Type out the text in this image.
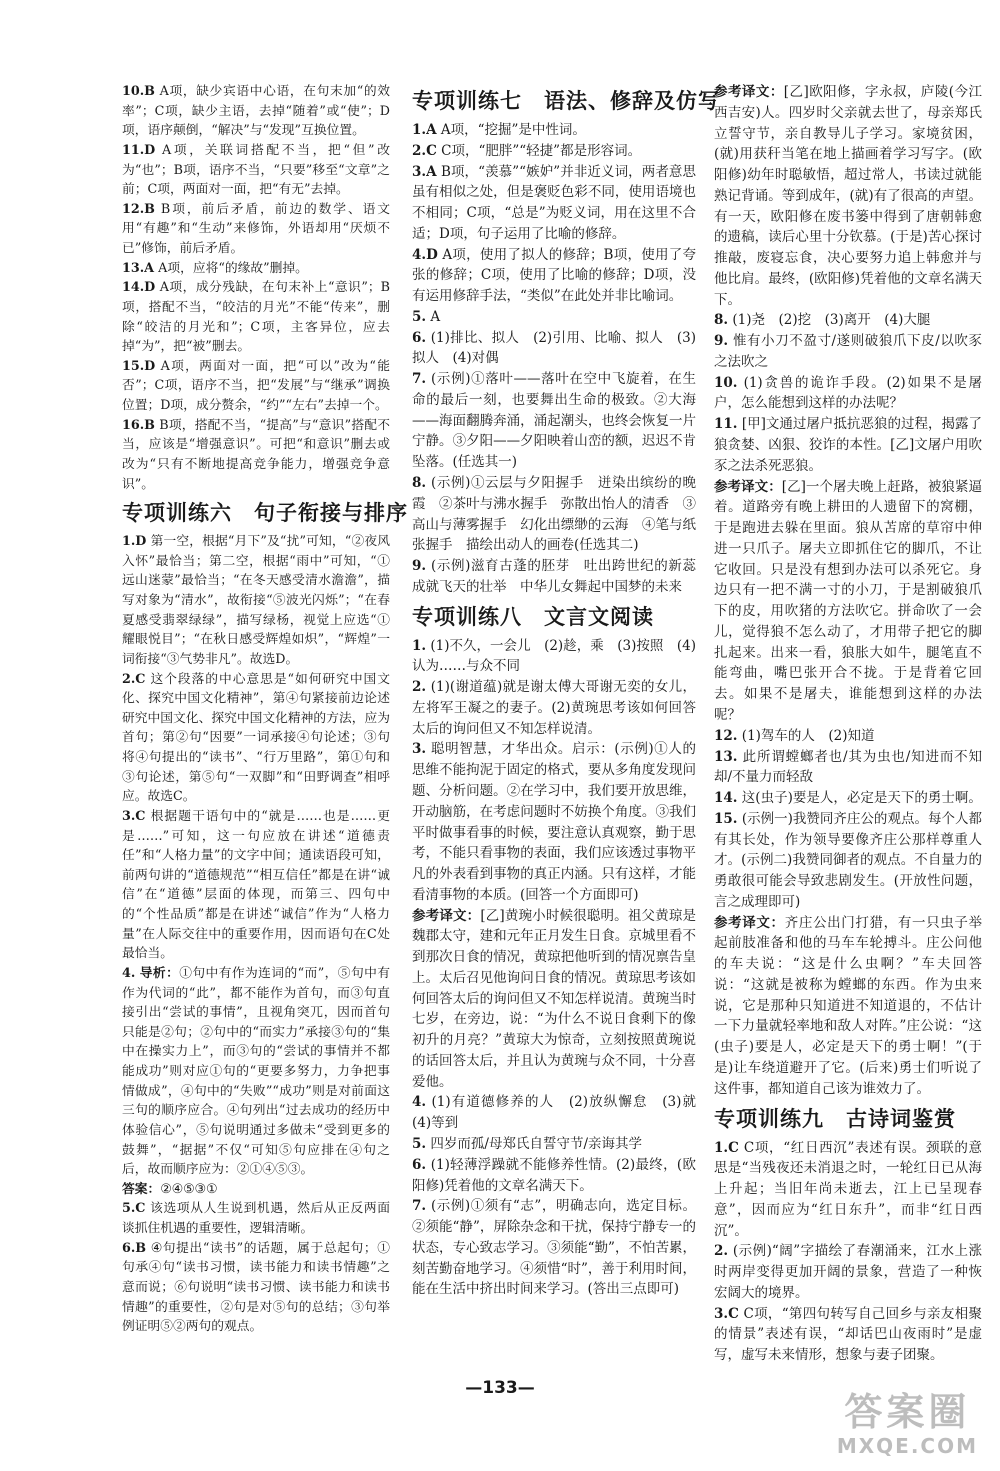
10.B A项，缺少宾语中心语，在句末加“的效率”；C项，缺少主语，去掉“随着”或“使”；D项，语序颠倒，“解决”与“发现”互换位置。

11.D A项，关联词搭配不当，把“但”改为“也”；B项，语序不当，“只要”移至“文章”之前；C项，两面对一面，把“有无”去掉。

12.B B项，前后矛盾，前边的数学、语文用“有趣”和“生动”来修饰，外语却用“厌烦不已”修饰，前后矛盾。

13.A A项，应将“的缘故”删掉。

14.D A项，成分残缺，在句末补上“意识”；B项，搭配不当，“皎洁的月光”不能“传来”，删除“皎洁的月光和”；C项，主客异位，应去掉“为”，把“被”删去。

15.D A项，两面对一面，把“可以”改为“能否”；C项，语序不当，把“发展”与“继承”调换位置；D项，成分赘余，“约”“左右”去掉一个。

16.B B项，搭配不当，“提高”与“意识”搭配不当，应该是“增强意识”。可把“和意识”删去或改为“只有不断地提高竞争能力，增强竞争意识”。

专项训练六　句子衔接与排序

1.D 第一空，根据“月下”及“扰”可知，“②夜风入怀”最恰当；第二空，根据“雨中”可知，“①远山迷蒙”最恰当；“在冬天感受清水澹澹”，描写对象为“清水”，故衔接“⑤波光闪烁”；“在春夏感受翡翠绿绿”，描写绿杨，视觉上应选“①耀眼悦目”；“在秋日感受辉煌如炽”，“辉煌”一词衔接“③气势非凡”。故选D。

2.C 这个段落的中心意思是“如何研究中国文化、探究中国文化精神”，第④句紧接前边论述研究中国文化、探究中国文化精神的方法，应为首句；第②句“因要”一词承接④句论述；③句将④句提出的“读书”、“行万里路”，第①句和③句论述，第⑤句“一双脚”和“田野调查”相呼应。故选C。

3.C 根据题干语句中的“就是……也是……更是……”可知，这一句应放在讲述“道德责任”和“人格力量”的文字中间；通读语段可知，前两句讲的“道德规范”“相互信任”都是在讲“诚信”在“道德”层面的体现，而第三、四句中的“个性品质”都是在讲述“诚信”作为“人格力量”在人际交往中的重要作用，因而语句在C处最恰当。

4. 导析：①句中有作为连词的“而”，⑤句中有作为代词的“此”，都不能作为首句，而③句直接引出“尝试的事情”，且视角突兀，因而首句只能是②句；②句中的“而实力”承接③句的“集中在操实力上”，而③句的“尝试的事情并不都能成功”则对应①句的“更要多努力，力争把事情做成”，④句中的“失败”“成功”则是对前面这三句的顺序应合。④句列出“过去成功的经历中体验信心”，⑤句说明通过多做未“受到更多的鼓舞”，“据据”不仅“可知⑤句应排在④句之后，故而顺序应为：②①④⑤③。

答案：②④⑤③①

5.C 该选项从人生说到机遇，然后从正反两面谈抓住机遇的重要性，逻辑清晰。

6.B ④句提出“读书”的话题，属于总起句；①句承④句“读书习惯，读书能力和读书情趣”之意而说；⑥句说明“读书习惯、读书能力和读书情趣”的重要性，②句是对⑤句的总结；③句举例证明⑤②两句的观点。

专项训练七　语法、修辞及仿写

1.A A项，“挖掘”是中性词。

2.C C项，“肥胖”“轻捷”都是形容词。

3.A B项，“羡慕”“嫉妒”并非近义词，两者意思虽有相似之处，但是褒贬色彩不同，使用语境也不相同；C项，“总是”为贬义词，用在这里不合适；D项，句子运用了比喻的修辞。

4.D A项，使用了拟人的修辞；B项，使用了夸张的修辞；C项，使用了比喻的修辞；D项，没有运用修辞手法，“类似”在此处并非比喻词。

5. A

6. (1)排比、拟人　(2)引用、比喻、拟人　(3)拟人　(4)对偶

7. (示例)①落叶——落叶在空中飞旋着，在生命的最后一刻，也要舞出生命的极致。②大海——海面翻腾奔涌，涌起潮头，也终会恢复一片宁静。③夕阳——夕阳映着山峦的额，迟迟不肯坠落。(任选其一)

8. (示例)①云层与夕阳握手　迸染出缤纷的晚霞　②茶叶与沸水握手　弥散出怡人的清香　③高山与薄雾握手　幻化出缥缈的云海　④笔与纸张握手　描绘出动人的画卷(任选其二)

9. (示例)滋育古蓬的胚芽　吐出跨世纪的新蕊　成就飞天的壮举　中华儿女舞起中国梦的未来

专项训练八　文言文阅读

1. (1)不久，一会儿　(2)趁，乘　(3)按照　(4)认为……与众不同

2. (1)(谢道蕴)就是谢太傅大哥谢无奕的女儿，左将军王凝之的妻子。(2)黄琬思考该如何回答太后的询问但又不知怎样说清。

3. 聪明智慧，才华出众。启示：(示例)①人的思维不能拘泥于固定的格式，要从多角度发现问题、分析问题。②在学习中，我们要开放思维，开动脑筋，在考虑问题时不妨换个角度。③我们平时做事看事的时候，要注意认真观察，勤于思考，不能只看事物的表面，我们应该透过事物平凡的外表看到事物的真正内涵。只有这样，才能看清事物的本质。(回答一个方面即可)

参考译文：[乙]黄琬小时候很聪明。祖父黄琼是魏郡太守，建和元年正月发生日食。京城里看不到那次日食的情况，黄琼把他听到的情况禀告皇上。太后召见他询问日食的情况。黄琼思考该如何回答太后的询问但又不知怎样说清。黄琬当时七岁，在旁边，说：“为什么不说日食剩下的像初升的月亮？”黄琼大为惊奇，立刻按照黄琬说的话回答太后，并且认为黄琬与众不同，十分喜爱他。

4. (1)有道德修养的人　(2)放纵懈怠　(3)就　(4)等到

5. 四岁而孤/母郑氏自誓守节/亲诲其学

6. (1)轻薄浮躁就不能修养性情。(2)最终，(欧阳修)凭着他的文章名满天下。

7. (示例)①须有“志”，明确志向，选定目标。②须能“静”，屏除杂念和干扰，保持宁静专一的状态，专心致志学习。③须能“勤”，不怕苦累，刻苦勤奋地学习。④须惜“时”，善于利用时间，能在生活中挤出时间来学习。(答出三点即可)

参考译文：[乙]欧阳修，字永叔，庐陵(今江西吉安)人。四岁时父亲就去世了，母亲郑氏立誓守节，亲自教导儿子学习。家境贫困，(就)用获秆当笔在地上描画着学习写字。(欧阳修)幼年时聪敏悟，超过常人，书读过就能熟记背诵。等到成年，(就)有了很高的声望。有一天，欧阳修在废书篓中得到了唐朝韩愈的遗稿，读后心里十分钦慕。(于是)苦心探讨推敲，废寝忘食，决心要努力追上韩愈并与他比肩。最终，(欧阳修)凭着他的文章名满天下。

8. (1)尧　(2)挖　(3)离开　(4)大腿

9. 惟有小刀不盈寸/遂则破狼爪下皮/以吹豕之法吹之

10. (1)贪兽的诡诈手段。(2)如果不是屠户，怎么能想到这样的办法呢？

11. [甲]文通过屠户抵抗恶狼的过程，揭露了狼贪婪、凶狠、狡诈的本性。[乙]文屠户用吹豕之法杀死恶狼。

参考译文：[乙]一个屠夫晚上赶路，被狼紧逼着。道路旁有晚上耕田的人遗留下的窝棚，于是跑进去躲在里面。狼从苫席的草帘中伸进一只爪子。屠夫立即抓住它的脚爪，不让它收回。只是没有想到办法可以杀死它。身边只有一把不满一寸的小刀，于是割破狼爪下的皮，用吹猪的方法吹它。拼命吹了一会儿，觉得狼不怎么动了，才用带子把它的脚扎起来。出来一看，狼胀大如牛，腿笔直不能弯曲，嘴巴张开合不拢。于是背着它回去。如果不是屠夫，谁能想到这样的办法呢？

12. (1)驾车的人　(2)知道

13. 此所谓螳螂者也/其为虫也/知进而不知却/不量力而轻敌

14. 这(虫子)要是人，必定是天下的勇士啊。

15. (示例一)我赞同齐庄公的观点。每个人都有其长处，作为领导要像齐庄公那样尊重人才。(示例二)我赞同御者的观点。不自量力的勇敢很可能会导致悲剧发生。(开放性问题，言之成理即可)

参考译文：齐庄公出门打猎，有一只虫子举起前肢准备和他的马车车轮搏斗。庄公问他的车夫说：“这是什么虫啊？”车夫回答说：“这就是被称为螳螂的东西。作为虫来说，它是那种只知道进不知道退的，不估计一下力量就轻率地和敌人对阵。”庄公说：“这(虫子)要是人，必定是天下的勇士啊！”(于是)让车绕道避开了它。(后来)勇士们听说了这件事，都知道自己该为谁效力了。

专项训练九　古诗词鉴赏

1.C C项，“红日西沉”表述有误。颈联的意思是“当残夜还未消退之时，一轮红日已从海上升起；当旧年尚未逝去，江上已呈现春意”，因而应为“红日东升”，而非“红日西沉”。

2. (示例)“阔”字描绘了春潮涌来，江水上涨时两岸变得更加开阔的景象，营造了一种恢宏阔大的境界。

3.C C项，“第四句转写自己回乡与亲友相聚的情景”表述有误，“却话巴山夜雨时”是虚写，虚写未来情形，想象与妻子团聚。

—133—
答案圈
MXQE.COM
